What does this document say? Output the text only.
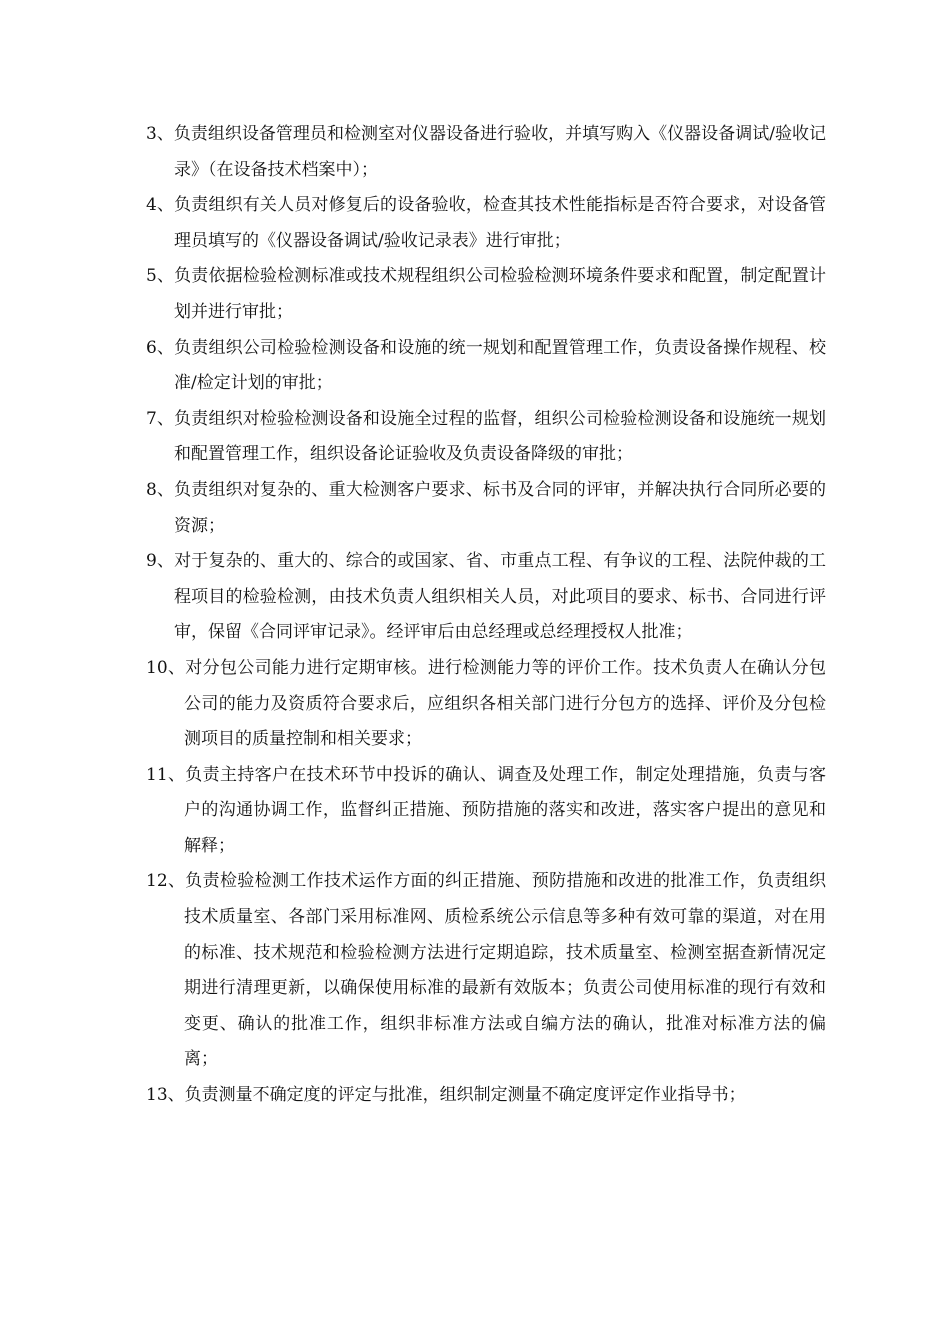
3、负责组织设备管理员和检测室对仪器设备进行验收，并填写购入《仪器设备调试/验收记录》（在设备技术档案中）；

4、负责组织有关人员对修复后的设备验收，检查其技术性能指标是否符合要求，对设备管理员填写的《仪器设备调试/验收记录表》进行审批；

5、负责依据检验检测标准或技术规程组织公司检验检测环境条件要求和配置，制定配置计划并进行审批；

6、负责组织公司检验检测设备和设施的统一规划和配置管理工作，负责设备操作规程、校准/检定计划的审批；

7、负责组织对检验检测设备和设施全过程的监督，组织公司检验检测设备和设施统一规划和配置管理工作，组织设备论证验收及负责设备降级的审批；

8、负责组织对复杂的、重大检测客户要求、标书及合同的评审，并解决执行合同所必要的资源；

9、对于复杂的、重大的、综合的或国家、省、市重点工程、有争议的工程、法院仲裁的工程项目的检验检测，由技术负责人组织相关人员，对此项目的要求、标书、合同进行评审，保留《合同评审记录》。经评审后由总经理或总经理授权人批准；

10、对分包公司能力进行定期审核。进行检测能力等的评价工作。技术负责人在确认分包公司的能力及资质符合要求后，应组织各相关部门进行分包方的选择、评价及分包检测项目的质量控制和相关要求；

11、负责主持客户在技术环节中投诉的确认、调查及处理工作，制定处理措施，负责与客户的沟通协调工作，监督纠正措施、预防措施的落实和改进，落实客户提出的意见和解释；

12、负责检验检测工作技术运作方面的纠正措施、预防措施和改进的批准工作，负责组织技术质量室、各部门采用标准网、质检系统公示信息等多种有效可靠的渠道，对在用的标准、技术规范和检验检测方法进行定期追踪，技术质量室、检测室据查新情况定期进行清理更新，以确保使用标准的最新有效版本；负责公司使用标准的现行有效和变更、确认的批准工作，组织非标准方法或自编方法的确认，批准对标准方法的偏离；

13、负责测量不确定度的评定与批准，组织制定测量不确定度评定作业指导书；
